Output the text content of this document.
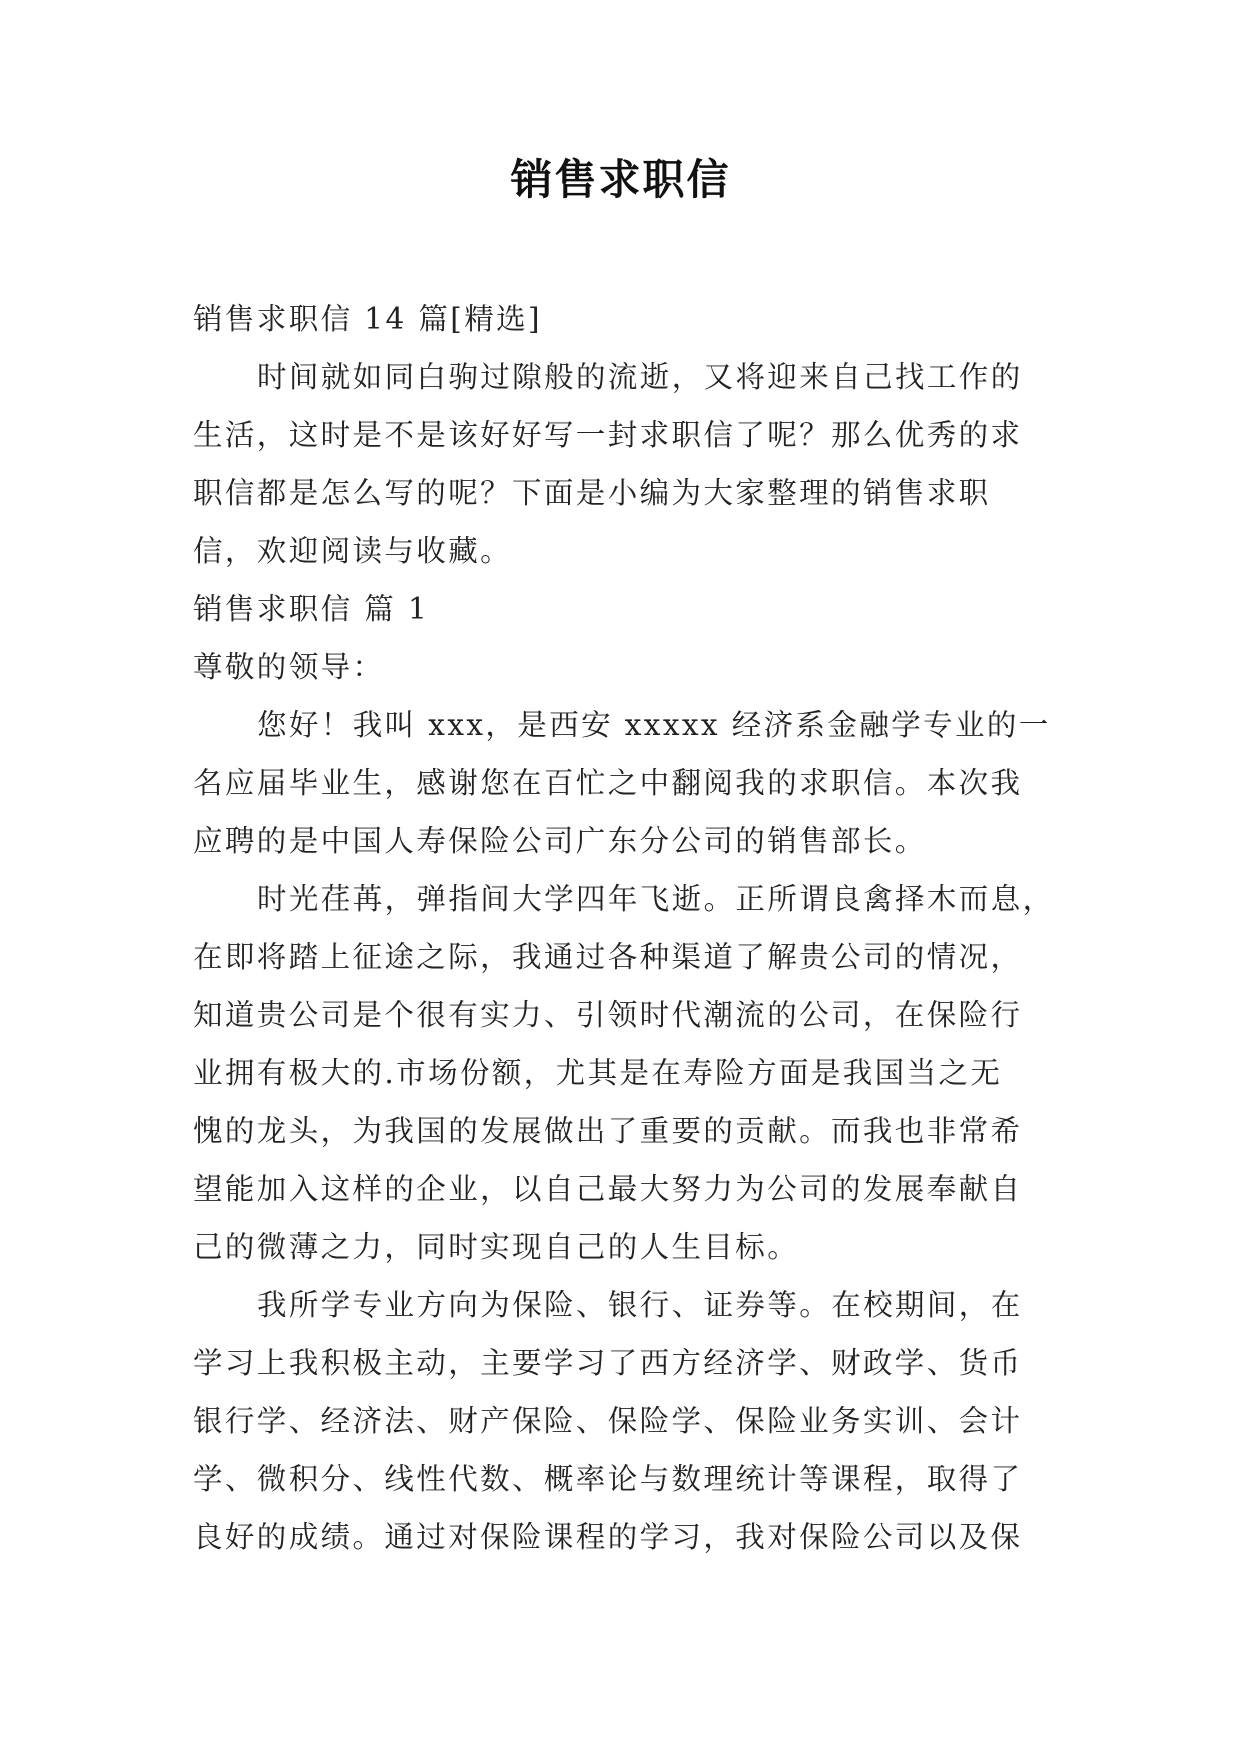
销售求职信
销售求职信 14 篇[精选]
时间就如同白驹过隙般的流逝，又将迎来自己找工作的
生活，这时是不是该好好写一封求职信了呢？那么优秀的求
职信都是怎么写的呢？下面是小编为大家整理的销售求职
信，欢迎阅读与收藏。
销售求职信 篇 1
尊敬的领导：
您好！我叫 xxx，是西安 xxxxx 经济系金融学专业的一
名应届毕业生，感谢您在百忙之中翻阅我的求职信。本次我
应聘的是中国人寿保险公司广东分公司的销售部长。
时光荏苒，弹指间大学四年飞逝。正所谓良禽择木而息，
在即将踏上征途之际，我通过各种渠道了解贵公司的情况，
知道贵公司是个很有实力、引领时代潮流的公司，在保险行
业拥有极大的.市场份额，尤其是在寿险方面是我国当之无
愧的龙头，为我国的发展做出了重要的贡献。而我也非常希
望能加入这样的企业，以自己最大努力为公司的发展奉献自
己的微薄之力，同时实现自己的人生目标。
我所学专业方向为保险、银行、证券等。在校期间，在
学习上我积极主动，主要学习了西方经济学、财政学、货币
银行学、经济法、财产保险、保险学、保险业务实训、会计
学、微积分、线性代数、概率论与数理统计等课程，取得了
良好的成绩。通过对保险课程的学习，我对保险公司以及保
